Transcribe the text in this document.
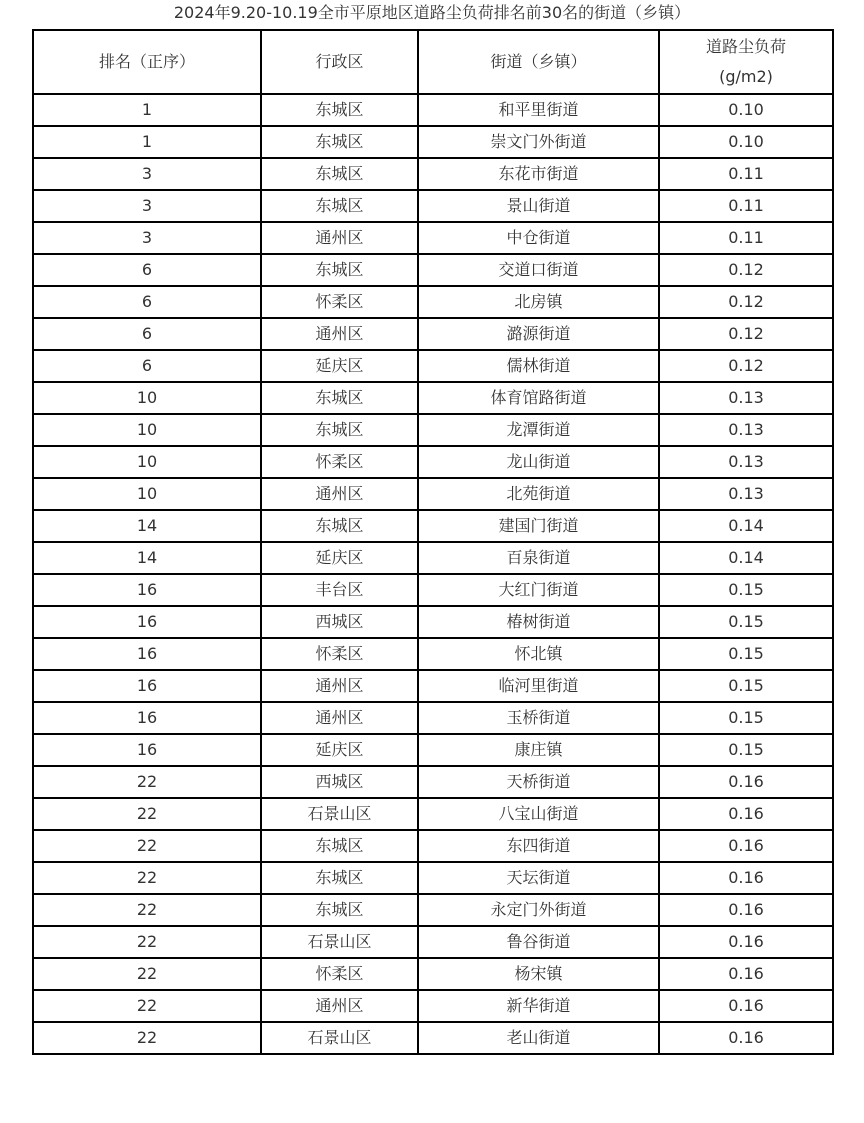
2024年9.20-10.19全市平原地区道路尘负荷排名前30名的街道（乡镇）
排名（正序）	行政区	街道（乡镇）	道路尘负荷
(g/m2)

1	东城区	和平里街道	0.10
1	东城区	崇文门外街道	0.10
3	东城区	东花市街道	0.11
3	东城区	景山街道	0.11
3	通州区	中仓街道	0.11
6	东城区	交道口街道	0.12
6	怀柔区	北房镇	0.12
6	通州区	潞源街道	0.12
6	延庆区	儒林街道	0.12
10	东城区	体育馆路街道	0.13
10	东城区	龙潭街道	0.13
10	怀柔区	龙山街道	0.13
10	通州区	北苑街道	0.13
14	东城区	建国门街道	0.14
14	延庆区	百泉街道	0.14
16	丰台区	大红门街道	0.15
16	西城区	椿树街道	0.15
16	怀柔区	怀北镇	0.15
16	通州区	临河里街道	0.15
16	通州区	玉桥街道	0.15
16	延庆区	康庄镇	0.15
22	西城区	天桥街道	0.16
22	石景山区	八宝山街道	0.16
22	东城区	东四街道	0.16
22	东城区	天坛街道	0.16
22	东城区	永定门外街道	0.16
22	石景山区	鲁谷街道	0.16
22	怀柔区	杨宋镇	0.16
22	通州区	新华街道	0.16
22	石景山区	老山街道	0.16
